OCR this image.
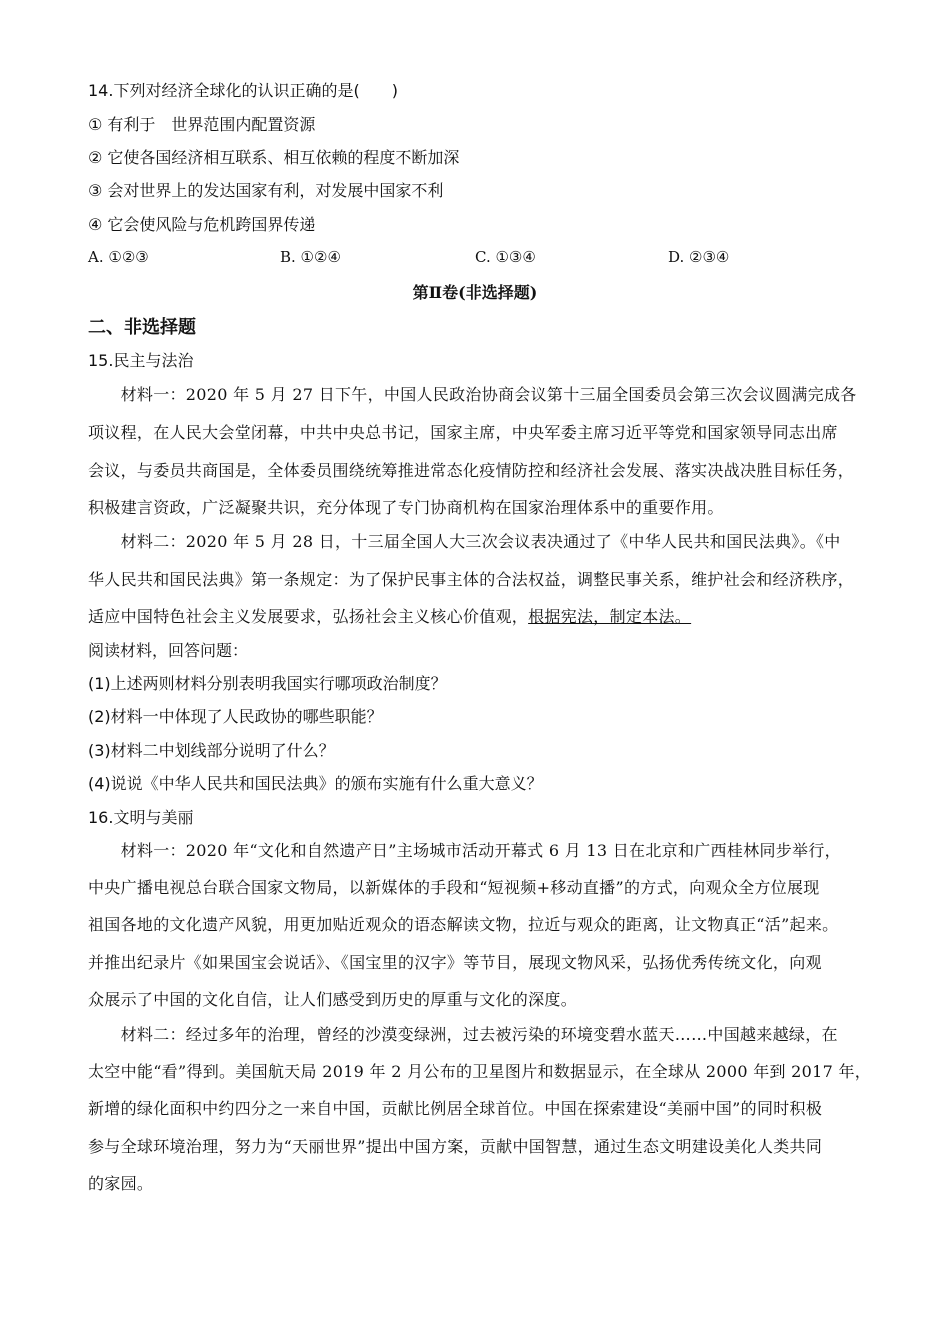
14.下列对经济全球化的认识正确的是(　　)
① 有利于　世界范围内配置资源
② 它使各国经济相互联系、相互依赖的程度不断加深
③ 会对世界上的发达国家有利，对发展中国家不利
④ 它会使风险与危机跨国界传递
A. ①②③	B. ①②④	C. ①③④	D. ②③④
第Ⅱ卷(非选择题)
二、非选择题
15.民主与法治
　　材料一：2020 年 5 月 27 日下午，中国人民政治协商会议第十三届全国委员会第三次会议圆满完成各
项议程，在人民大会堂闭幕，中共中央总书记，国家主席，中央军委主席习近平等党和国家领导同志出席
会议，与委员共商国是，全体委员围绕统筹推进常态化疫情防控和经济社会发展、落实决战决胜目标任务，
积极建言资政，广泛凝聚共识，充分体现了专门协商机构在国家治理体系中的重要作用。
　　材料二：2020 年 5 月 28 日，十三届全国人大三次会议表决通过了《中华人民共和国民法典》。《中
华人民共和国民法典》第一条规定：为了保护民事主体的合法权益，调整民事关系，维护社会和经济秩序，
适应中国特色社会主义发展要求，弘扬社会主义核心价值观，根据宪法，制定本法。
阅读材料，回答问题：
(1)上述两则材料分别表明我国实行哪项政治制度？
(2)材料一中体现了人民政协的哪些职能？
(3)材料二中划线部分说明了什么？
(4)说说《中华人民共和国民法典》的颁布实施有什么重大意义？
16.文明与美丽
　　材料一：2020 年“文化和自然遗产日”主场城市活动开幕式 6 月 13 日在北京和广西桂林同步举行，
中央广播电视总台联合国家文物局，以新媒体的手段和“短视频+移动直播”的方式，向观众全方位展现
祖国各地的文化遗产风貌，用更加贴近观众的语态解读文物，拉近与观众的距离，让文物真正“活”起来。
并推出纪录片《如果国宝会说话》、《国宝里的汉字》等节目，展现文物风采，弘扬优秀传统文化，向观
众展示了中国的文化自信，让人们感受到历史的厚重与文化的深度。
　　材料二：经过多年的治理，曾经的沙漠变绿洲，过去被污染的环境变碧水蓝天……中国越来越绿，在
太空中能“看”得到。美国航天局 2019 年 2 月公布的卫星图片和数据显示，在全球从 2000 年到 2017 年，
新增的绿化面积中约四分之一来自中国，贡献比例居全球首位。中国在探索建设“美丽中国”的同时积极
参与全球环境治理，努力为“天丽世界”提出中国方案，贡献中国智慧，通过生态文明建设美化人类共同
的家园。
